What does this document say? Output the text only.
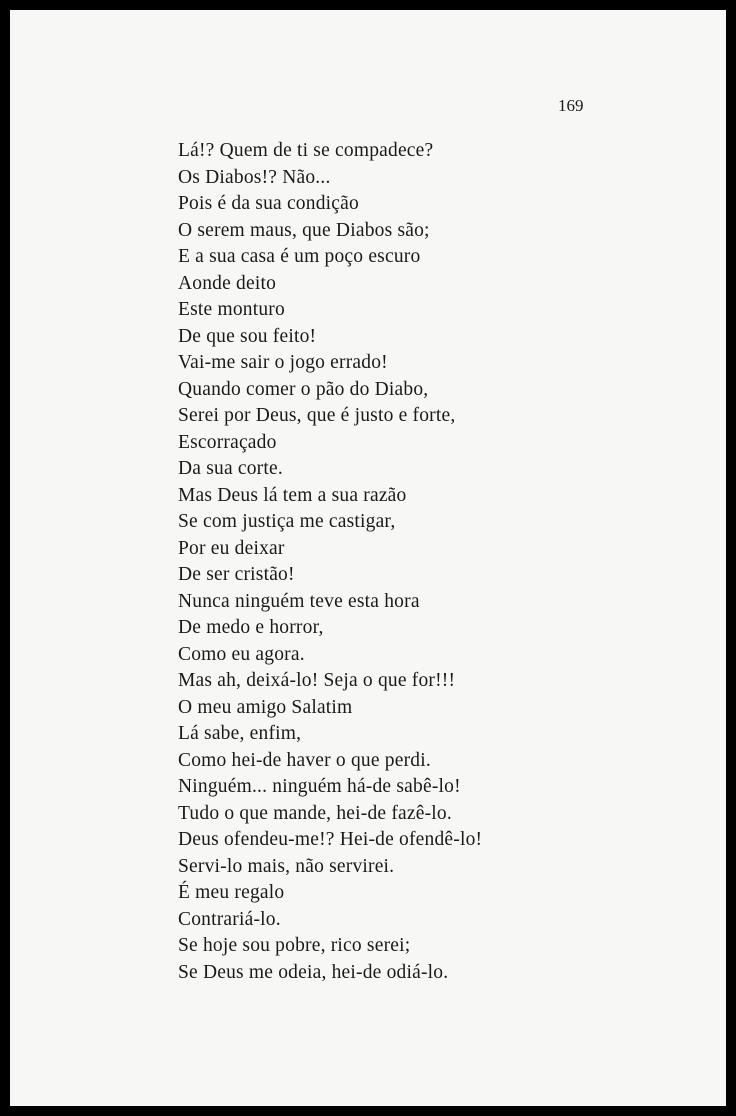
169
Lá!? Quem de ti se compadece?
Os Diabos!? Não...
Pois é da sua condição
O serem maus, que Diabos são;
E a sua casa é um poço escuro
Aonde deito
Este monturo
De que sou feito!
Vai-me sair o jogo errado!
Quando comer o pão do Diabo,
Serei por Deus, que é justo e forte,
Escorraçado
Da sua corte.
Mas Deus lá tem a sua razão
Se com justiça me castigar,
Por eu deixar
De ser cristão!
Nunca ninguém teve esta hora
De medo e horror,
Como eu agora.
Mas ah, deixá-lo! Seja o que for!!!
O meu amigo Salatim
Lá sabe, enfim,
Como hei-de haver o que perdi.
Ninguém... ninguém há-de sabê-lo!
Tudo o que mande, hei-de fazê-lo.
Deus ofendeu-me!? Hei-de ofendê-lo!
Servi-lo mais, não servirei.
É meu regalo
Contrariá-lo.
Se hoje sou pobre, rico serei;
Se Deus me odeia, hei-de odiá-lo.
